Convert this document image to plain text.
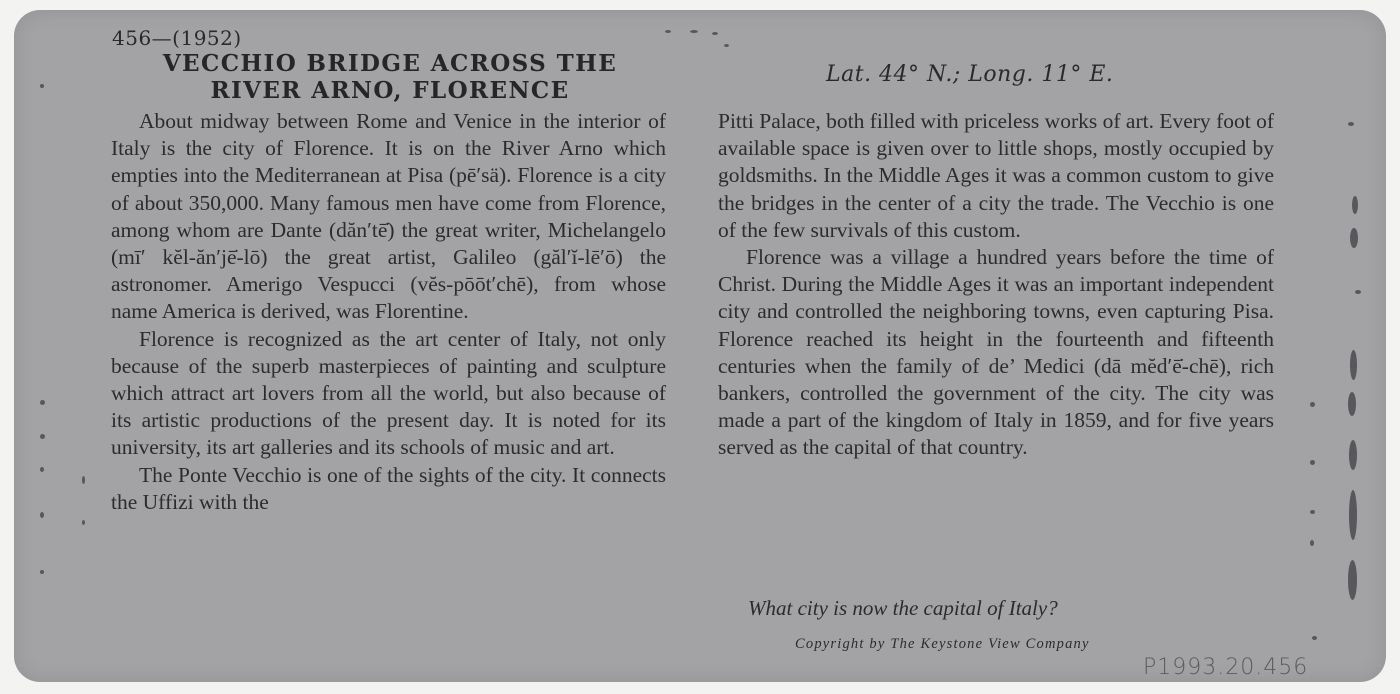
456—(1952)

VECCHIO BRIDGE ACROSS THE
RIVER ARNO, FLORENCE

Lat. 44° N.; Long. 11° E.

About midway between Rome and Venice in the interior of Italy is the city of Florence. It is on the River Arno which empties into the Mediterranean at Pisa (pē′sä). Florence is a city of about 350,000. Many famous men have come from Florence, among whom are Dante (dăn′tē̇) the great writer, Michelangelo (mī′ kĕl-ăn′jē̇-lō) the great artist, Galileo (găl′ĭ-lē′ō) the astronomer. Amerigo Vespucci (vĕs-pōōt′chē), from whose name America is derived, was Florentine.

Florence is recognized as the art center of Italy, not only because of the superb masterpieces of painting and sculpture which attract art lovers from all the world, but also because of its artistic productions of the present day. It is noted for its university, its art galleries and its schools of music and art.

The Ponte Vecchio is one of the sights of the city. It connects the Uffizi with the

Pitti Palace, both filled with priceless works of art. Every foot of available space is given over to little shops, mostly occupied by goldsmiths. In the Middle Ages it was a common custom to give the bridges in the center of a city the trade. The Vecchio is one of the few survivals of this custom.

Florence was a village a hundred years before the time of Christ. During the Middle Ages it was an important independent city and controlled the neighboring towns, even capturing Pisa. Florence reached its height in the fourteenth and fifteenth centuries when the family of de’ Medici (dā mĕd′ē̇-chē), rich bankers, controlled the government of the city. The city was made a part of the kingdom of Italy in 1859, and for five years served as the capital of that country.

What city is now the capital of Italy?

Copyright by The Keystone View Company

P1993.20.456
